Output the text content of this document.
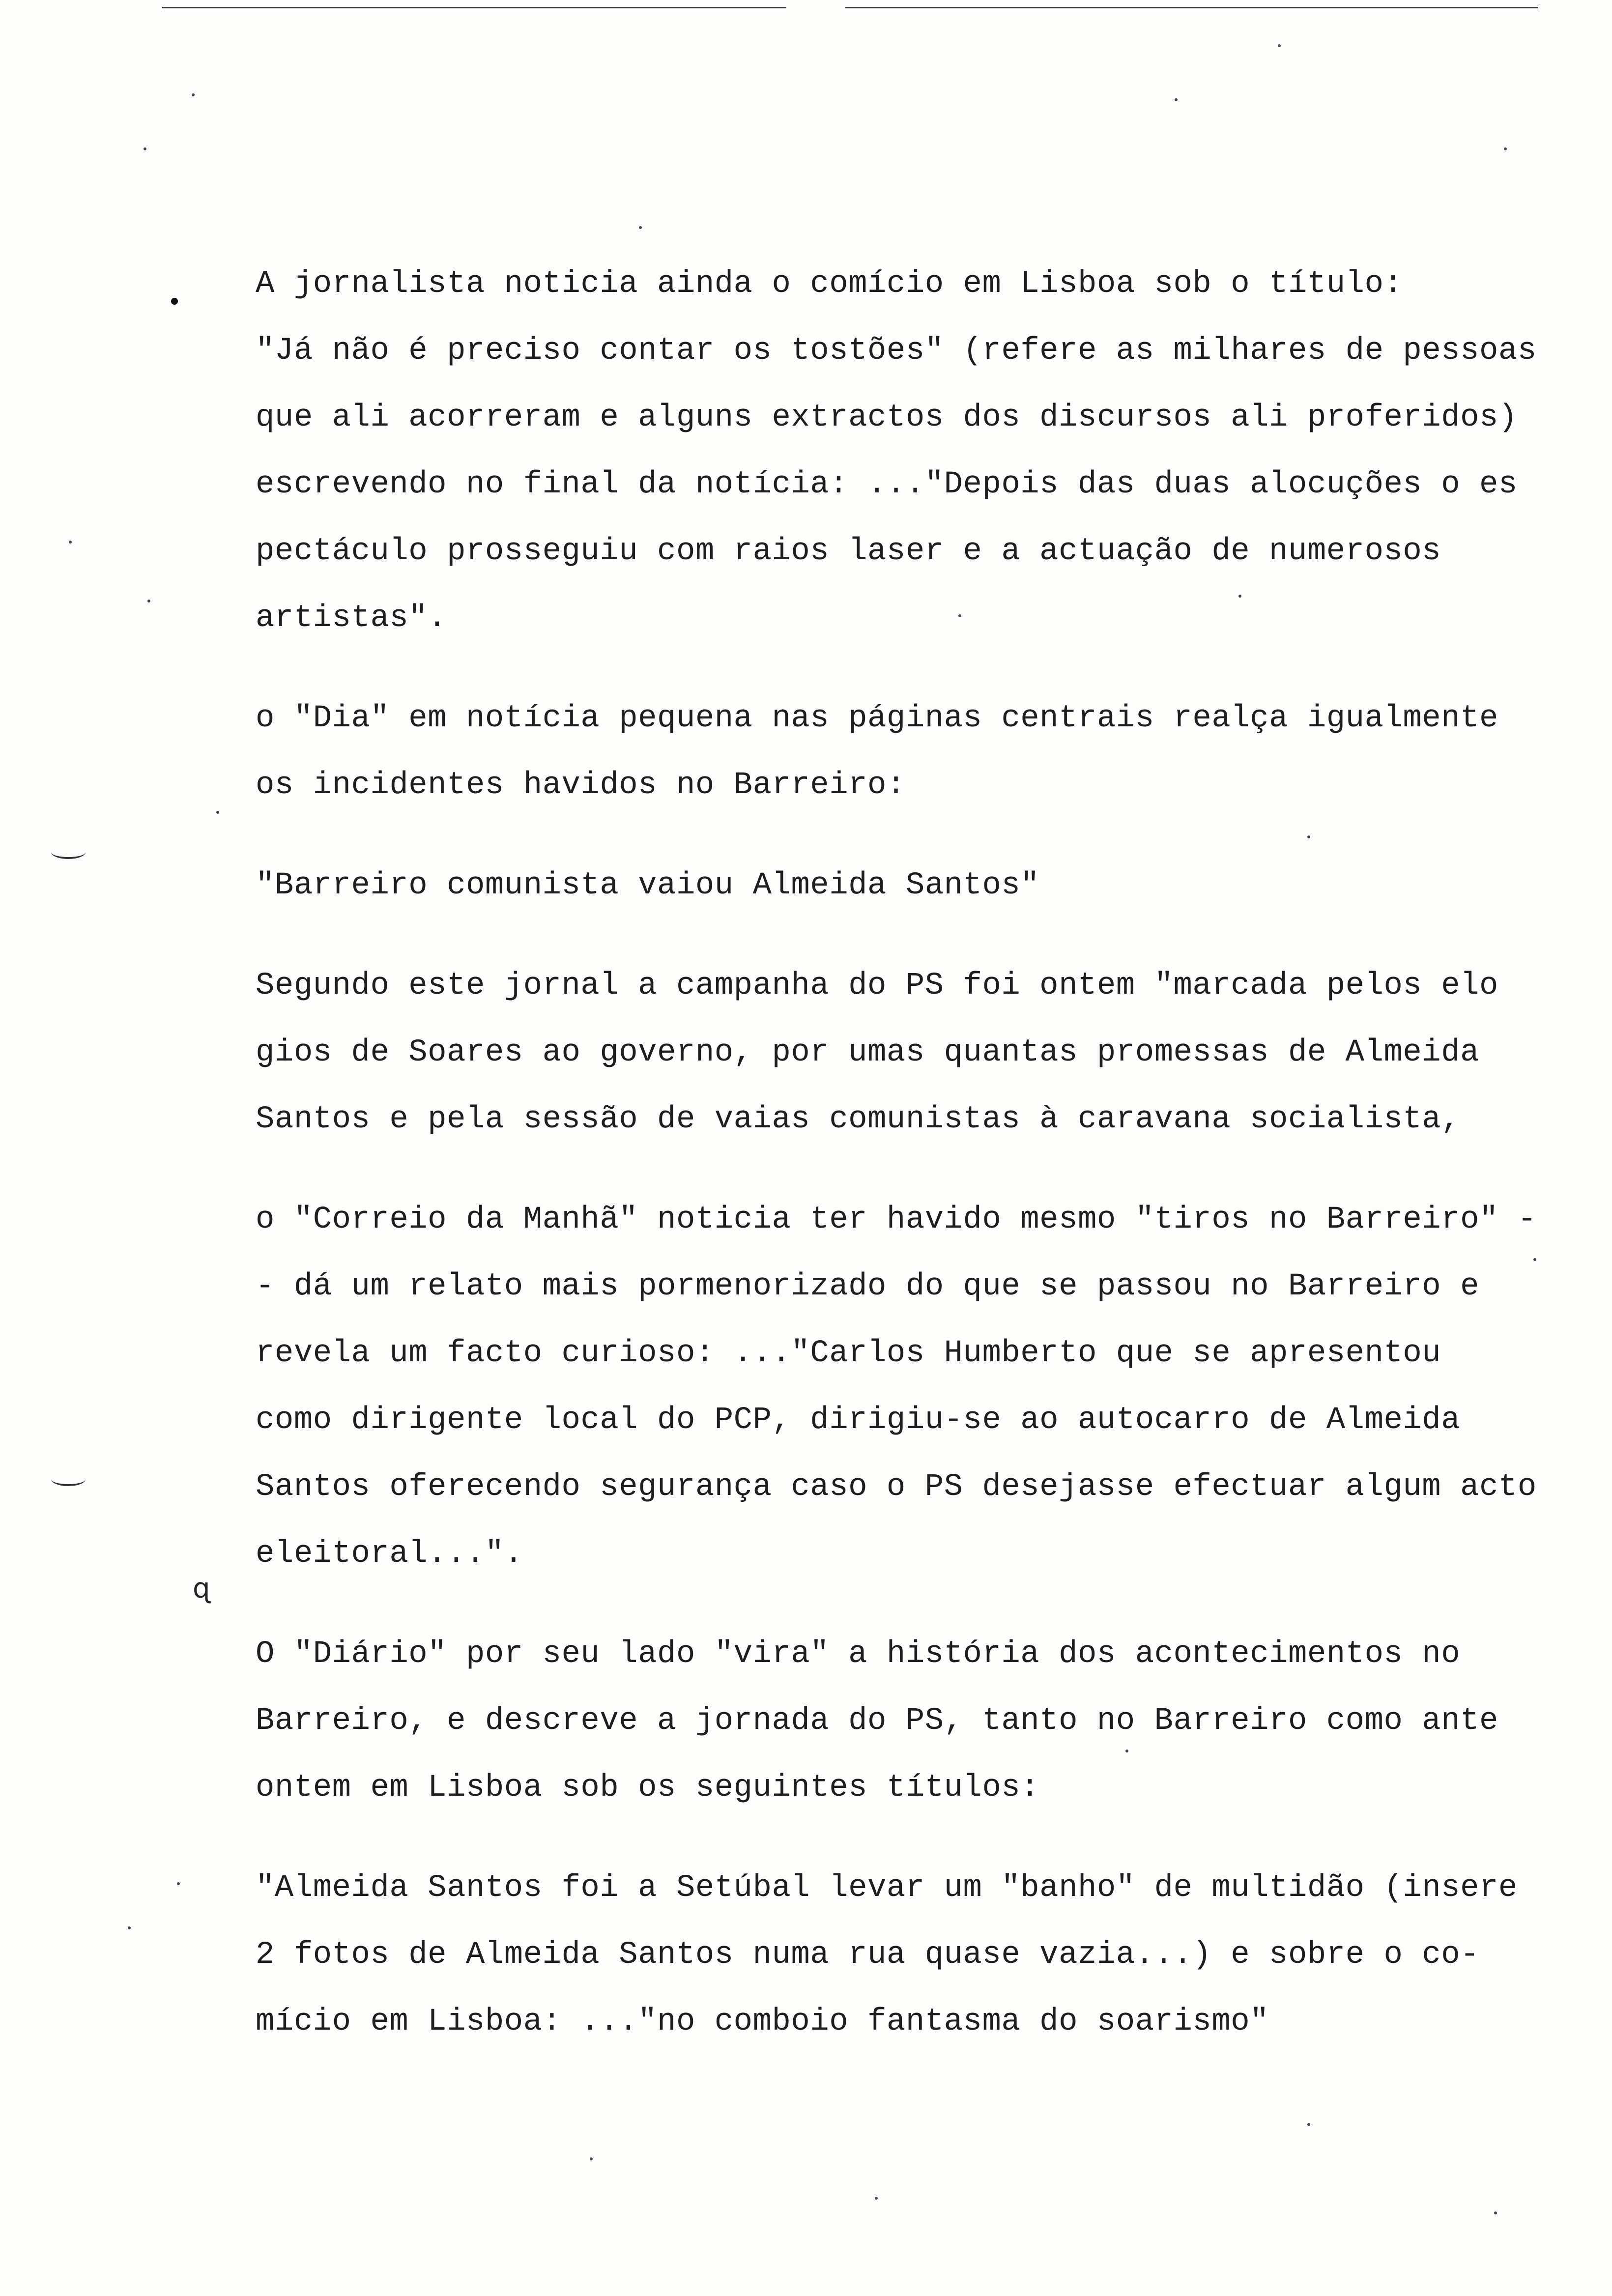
ɋ
A jornalista noticia ainda o comício em Lisboa sob o título:
"Já não é preciso contar os tostões" (refere as milhares de pessoas
que ali acorreram e alguns extractos dos discursos ali proferidos)
escrevendo no final da notícia: ..."Depois das duas alocuções o es
pectáculo prosseguiu com raios laser e a actuação de numerosos
artistas".
o "Dia" em notícia pequena nas páginas centrais realça igualmente
os incidentes havidos no Barreiro:
"Barreiro comunista vaiou Almeida Santos"
Segundo este jornal a campanha do PS foi ontem "marcada pelos elo
gios de Soares ao governo, por umas quantas promessas de Almeida
Santos e pela sessão de vaias comunistas à caravana socialista,
o "Correio da Manhã" noticia ter havido mesmo "tiros no Barreiro" -
- dá um relato mais pormenorizado do que se passou no Barreiro e
revela um facto curioso: ..."Carlos Humberto que se apresentou
como dirigente local do PCP, dirigiu-se ao autocarro de Almeida
Santos oferecendo segurança caso o PS desejasse efectuar algum acto
eleitoral...".
O "Diário" por seu lado "vira" a história dos acontecimentos no
Barreiro, e descreve a jornada do PS, tanto no Barreiro como ante
ontem em Lisboa sob os seguintes títulos:
"Almeida Santos foi a Setúbal levar um "banho" de multidão (insere
2 fotos de Almeida Santos numa rua quase vazia...) e sobre o co-
mício em Lisboa: ..."no comboio fantasma do soarismo"
